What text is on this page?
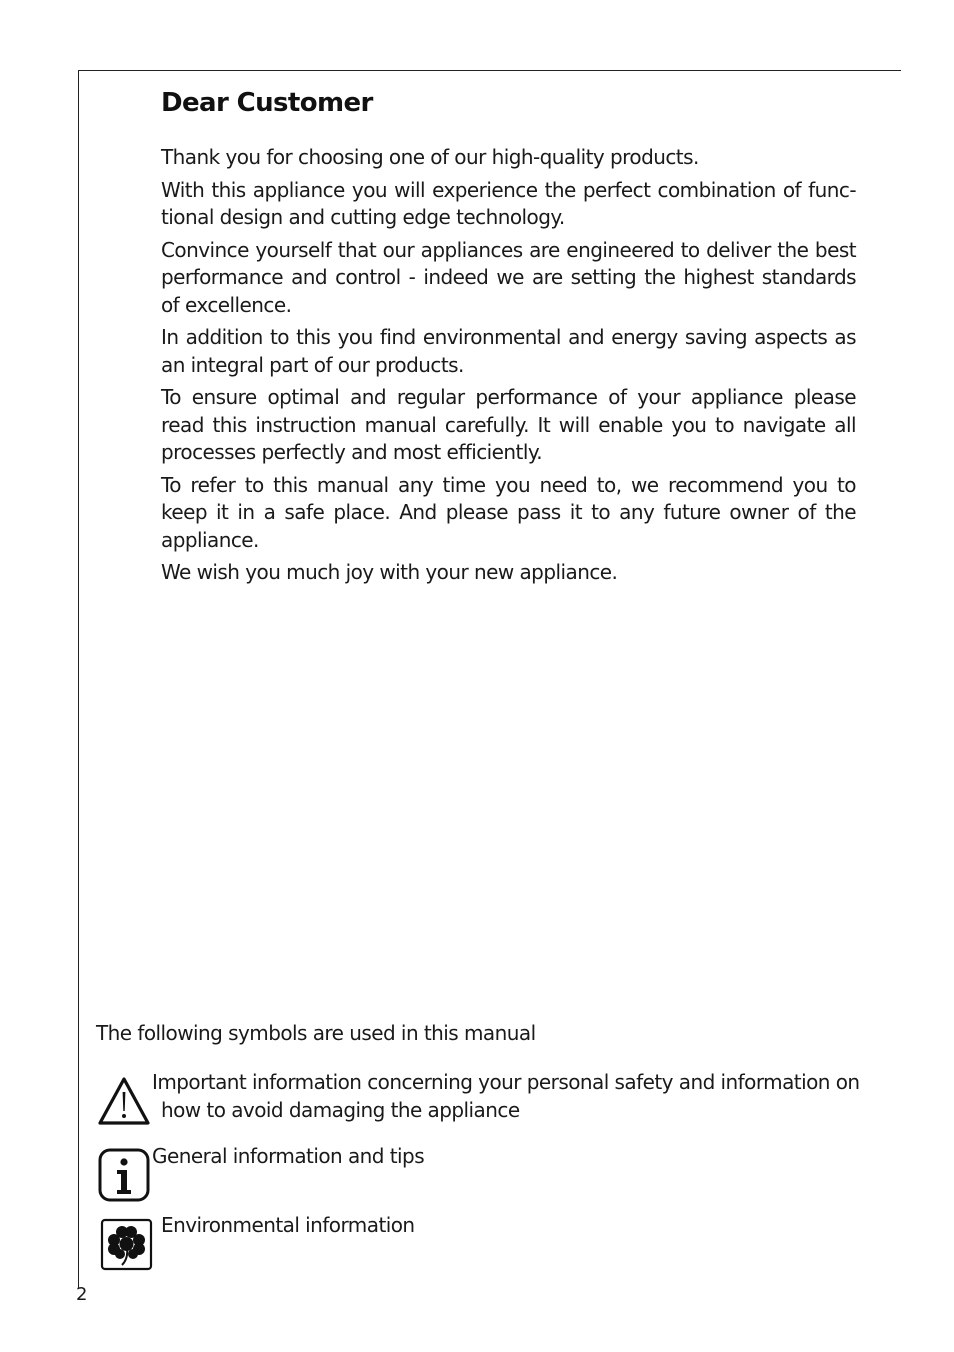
Dear Customer

Thank you for choosing one of our high-quality products.

With this appliance you will experience the perfect combination of func-tional design and cutting edge technology.

Convince yourself that our appliances are engineered to deliver the best performance and control - indeed we are setting the highest standards of excellence.

In addition to this you find environmental and energy saving aspects as an integral part of our products.

To ensure optimal and regular performance of your appliance please read this instruction manual carefully. It will enable you to navigate all processes perfectly and most efficiently.

To refer to this manual any time you need to, we recommend you to keep it in a safe place. And please pass it to any future owner of the appliance.

We wish you much joy with your new appliance.

The following symbols are used in this manual

Important information concerning your personal safety and information on
how to avoid damaging the appliance
General information and tips
Environmental information
2
